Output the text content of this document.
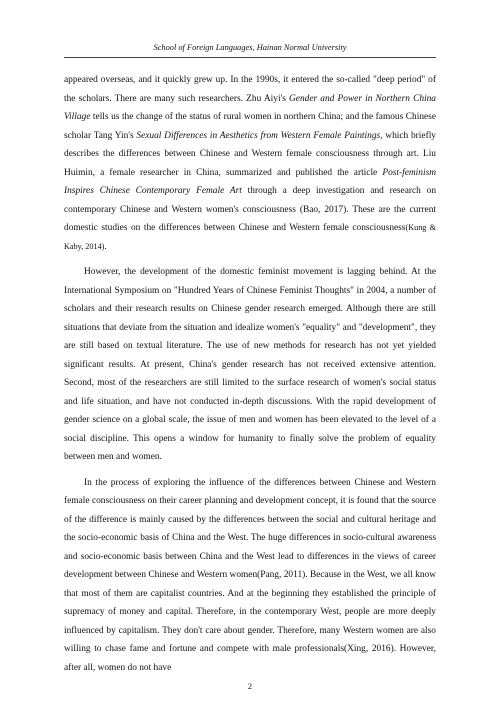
School of Foreign Languages, Hainan Normal University

appeared overseas, and it quickly grew up. In the 1990s, it entered the so-called "deep period" of the scholars. There are many such researchers. Zhu Aiyi's Gender and Power in Northern China Village tells us the change of the status of rural women in northern China; and the famous Chinese scholar Tang Yin's Sexual Differences in Aesthetics from Western Female Paintings, which briefly describes the differences between Chinese and Western female consciousness through art. Liu Huimin, a female researcher in China, summarized and published the article Post-feminism Inspires Chinese Contemporary Female Art through a deep investigation and research on contemporary Chinese and Western women's consciousness (Bao, 2017). These are the current domestic studies on the differences between Chinese and Western female consciousness(Kung & Kaby, 2014).

However, the development of the domestic feminist movement is lagging behind. At the International Symposium on "Hundred Years of Chinese Feminist Thoughts" in 2004, a number of scholars and their research results on Chinese gender research emerged. Although there are still situations that deviate from the situation and idealize women's "equality" and "development", they are still based on textual literature. The use of new methods for research has not yet yielded significant results. At present, China's gender research has not received extensive attention. Second, most of the researchers are still limited to the surface research of women's social status and life situation, and have not conducted in-depth discussions. With the rapid development of gender science on a global scale, the issue of men and women has been elevated to the level of a social discipline. This opens a window for humanity to finally solve the problem of equality between men and women.

In the process of exploring the influence of the differences between Chinese and Western female consciousness on their career planning and development concept, it is found that the source of the difference is mainly caused by the differences between the social and cultural heritage and the socio-economic basis of China and the West. The huge differences in socio-cultural awareness and socio-economic basis between China and the West lead to differences in the views of career development between Chinese and Western women(Pang, 2011). Because in the West, we all know that most of them are capitalist countries. And at the beginning they established the principle of supremacy of money and capital. Therefore, in the contemporary West, people are more deeply influenced by capitalism. They don't care about gender. Therefore, many Western women are also willing to chase fame and fortune and compete with male professionals(Xing, 2016). However, after all, women do not have

2
